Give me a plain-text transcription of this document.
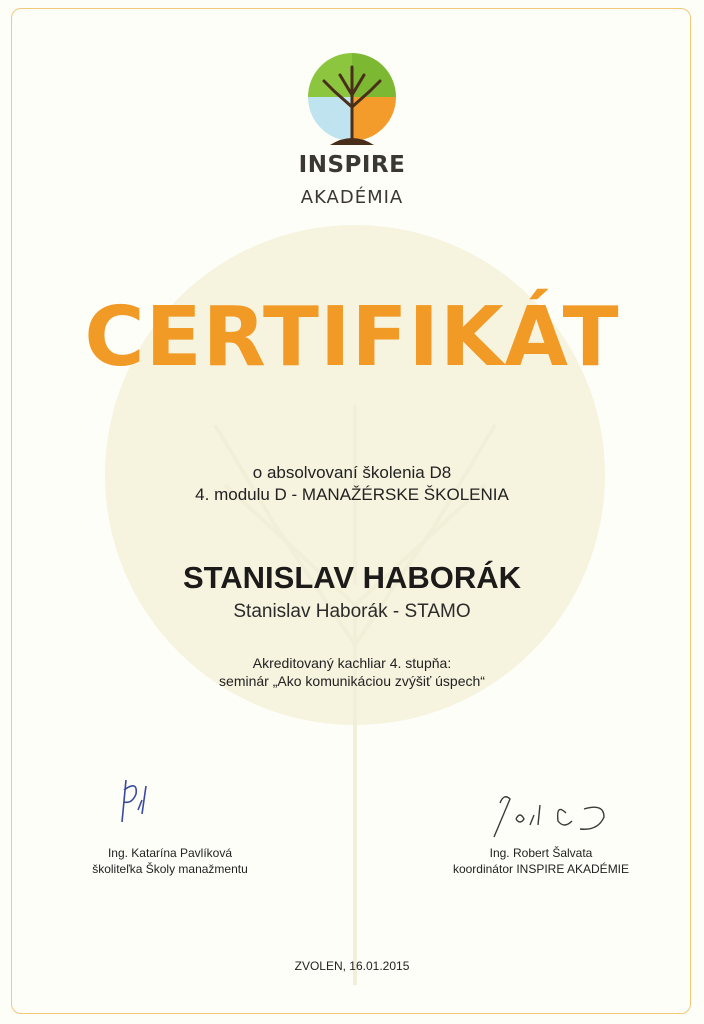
INSPIRE
AKADÉMIA
CERTIFIKÁT
o absolvovaní školenia D8
4. modulu D - MANAŽÉRSKE ŠKOLENIA
STANISLAV HABORÁK
Stanislav Haborák - STAMO
Akreditovaný kachliar 4. stupňa:
seminár „Ako komunikáciou zvýšiť úspech“
Ing. Katarína Pavlíková
školiteľka Školy manažmentu
Ing. Robert Šalvata
koordinátor INSPIRE AKADÉMIE
ZVOLEN, 16.01.2015
